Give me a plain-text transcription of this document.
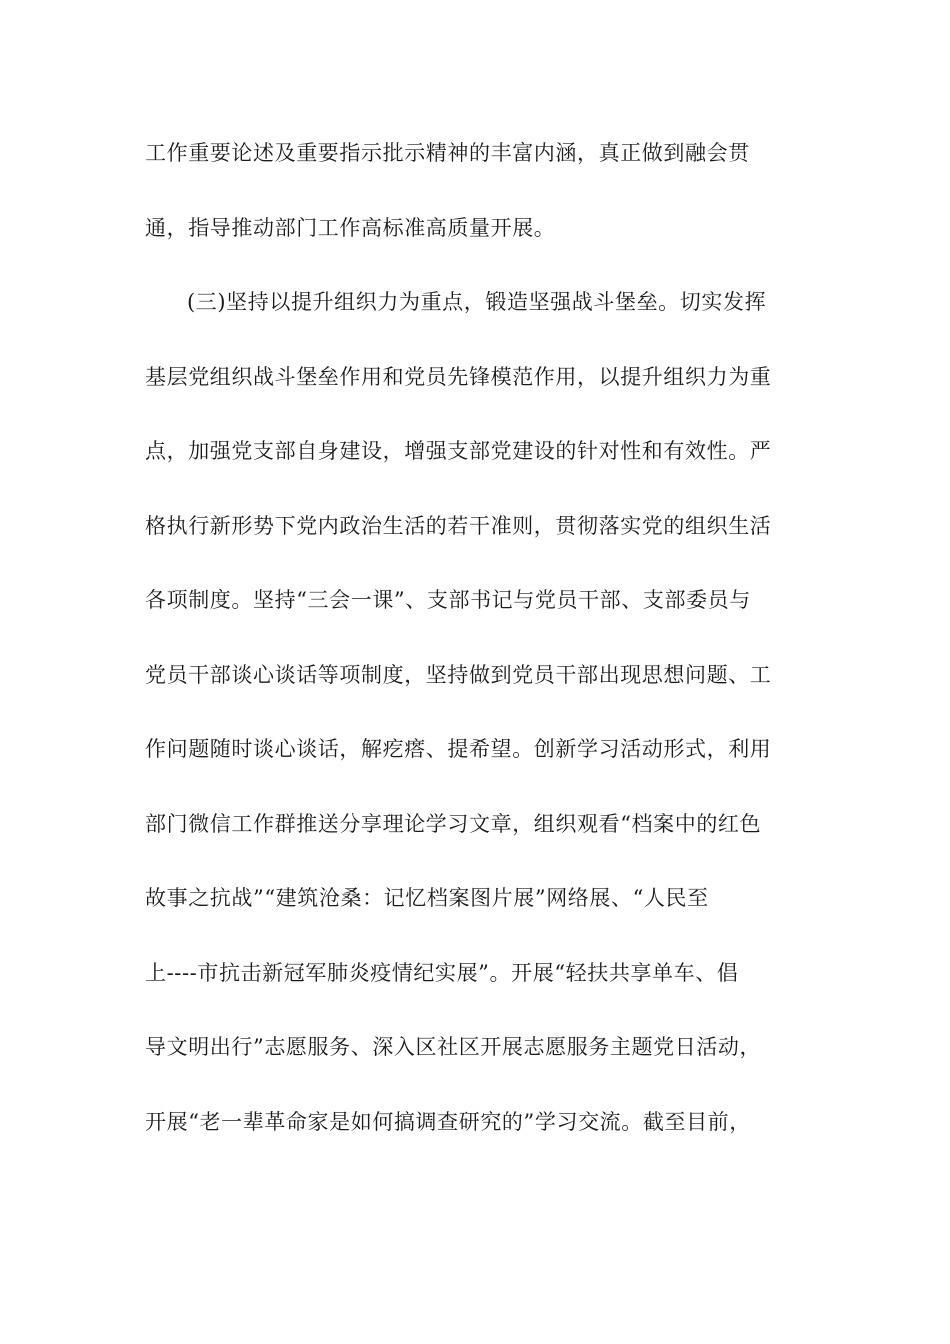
工作重要论述及重要指示批示精神的丰富内涵，真正做到融会贯
通，指导推动部门工作高标准高质量开展。
(三)坚持以提升组织力为重点，锻造坚强战斗堡垒。切实发挥
基层党组织战斗堡垒作用和党员先锋模范作用，以提升组织力为重
点，加强党支部自身建设，增强支部党建设的针对性和有效性。严
格执行新形势下党内政治生活的若干准则，贯彻落实党的组织生活
各项制度。坚持“三会一课”、支部书记与党员干部、支部委员与
党员干部谈心谈话等项制度，坚持做到党员干部出现思想问题、工
作问题随时谈心谈话，解疙瘩、提希望。创新学习活动形式，利用
部门微信工作群推送分享理论学习文章，组织观看“档案中的红色
故事之抗战”“建筑沧桑：记忆档案图片展”网络展、“人民至
上----市抗击新冠军肺炎疫情纪实展”。开展“轻扶共享单车、倡
导文明出行”志愿服务、深入区社区开展志愿服务主题党日活动，
开展“老一辈革命家是如何搞调查研究的”学习交流。截至目前，
